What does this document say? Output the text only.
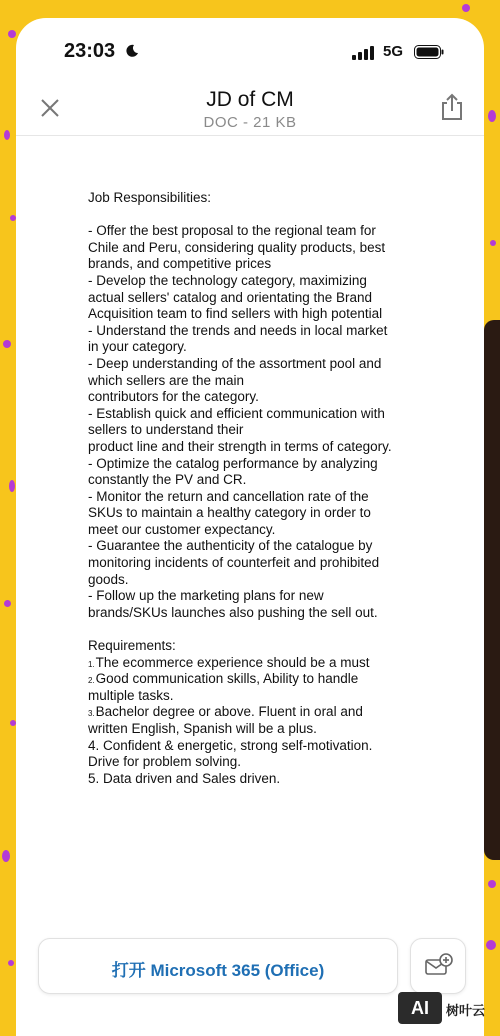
23:03	5G
JD of CM
DOC - 21 KB
Job Responsibilities:
- Offer the best proposal to the regional team for
Chile and Peru, considering quality products, best
brands, and competitive prices
- Develop the technology category, maximizing
actual sellers' catalog and orientating the Brand
Acquisition team to find sellers with high potential
- Understand the trends and needs in local market
in your category.
- Deep understanding of the assortment pool and
which sellers are the main
contributors for the category.
- Establish quick and efficient communication with
sellers to understand their
product line and their strength in terms of category.
- Optimize the catalog performance by analyzing
constantly the PV and CR.
- Monitor the return and cancellation rate of the
SKUs to maintain a healthy category in order to
meet our customer expectancy.
- Guarantee the authenticity of the catalogue by
monitoring incidents of counterfeit and prohibited
goods.
- Follow up the marketing plans for new
brands/SKUs launches also pushing the sell out.
Requirements:
1.The ecommerce experience should be a must
2.Good communication skills, Ability to handle
multiple tasks.
3.Bachelor degree or above. Fluent in oral and
written English, Spanish will be a plus.
4. Confident & energetic, strong self-motivation.
Drive for problem solving.
5. Data driven and Sales driven.
打开 Microsoft 365 (Office)
AI	树叶云
